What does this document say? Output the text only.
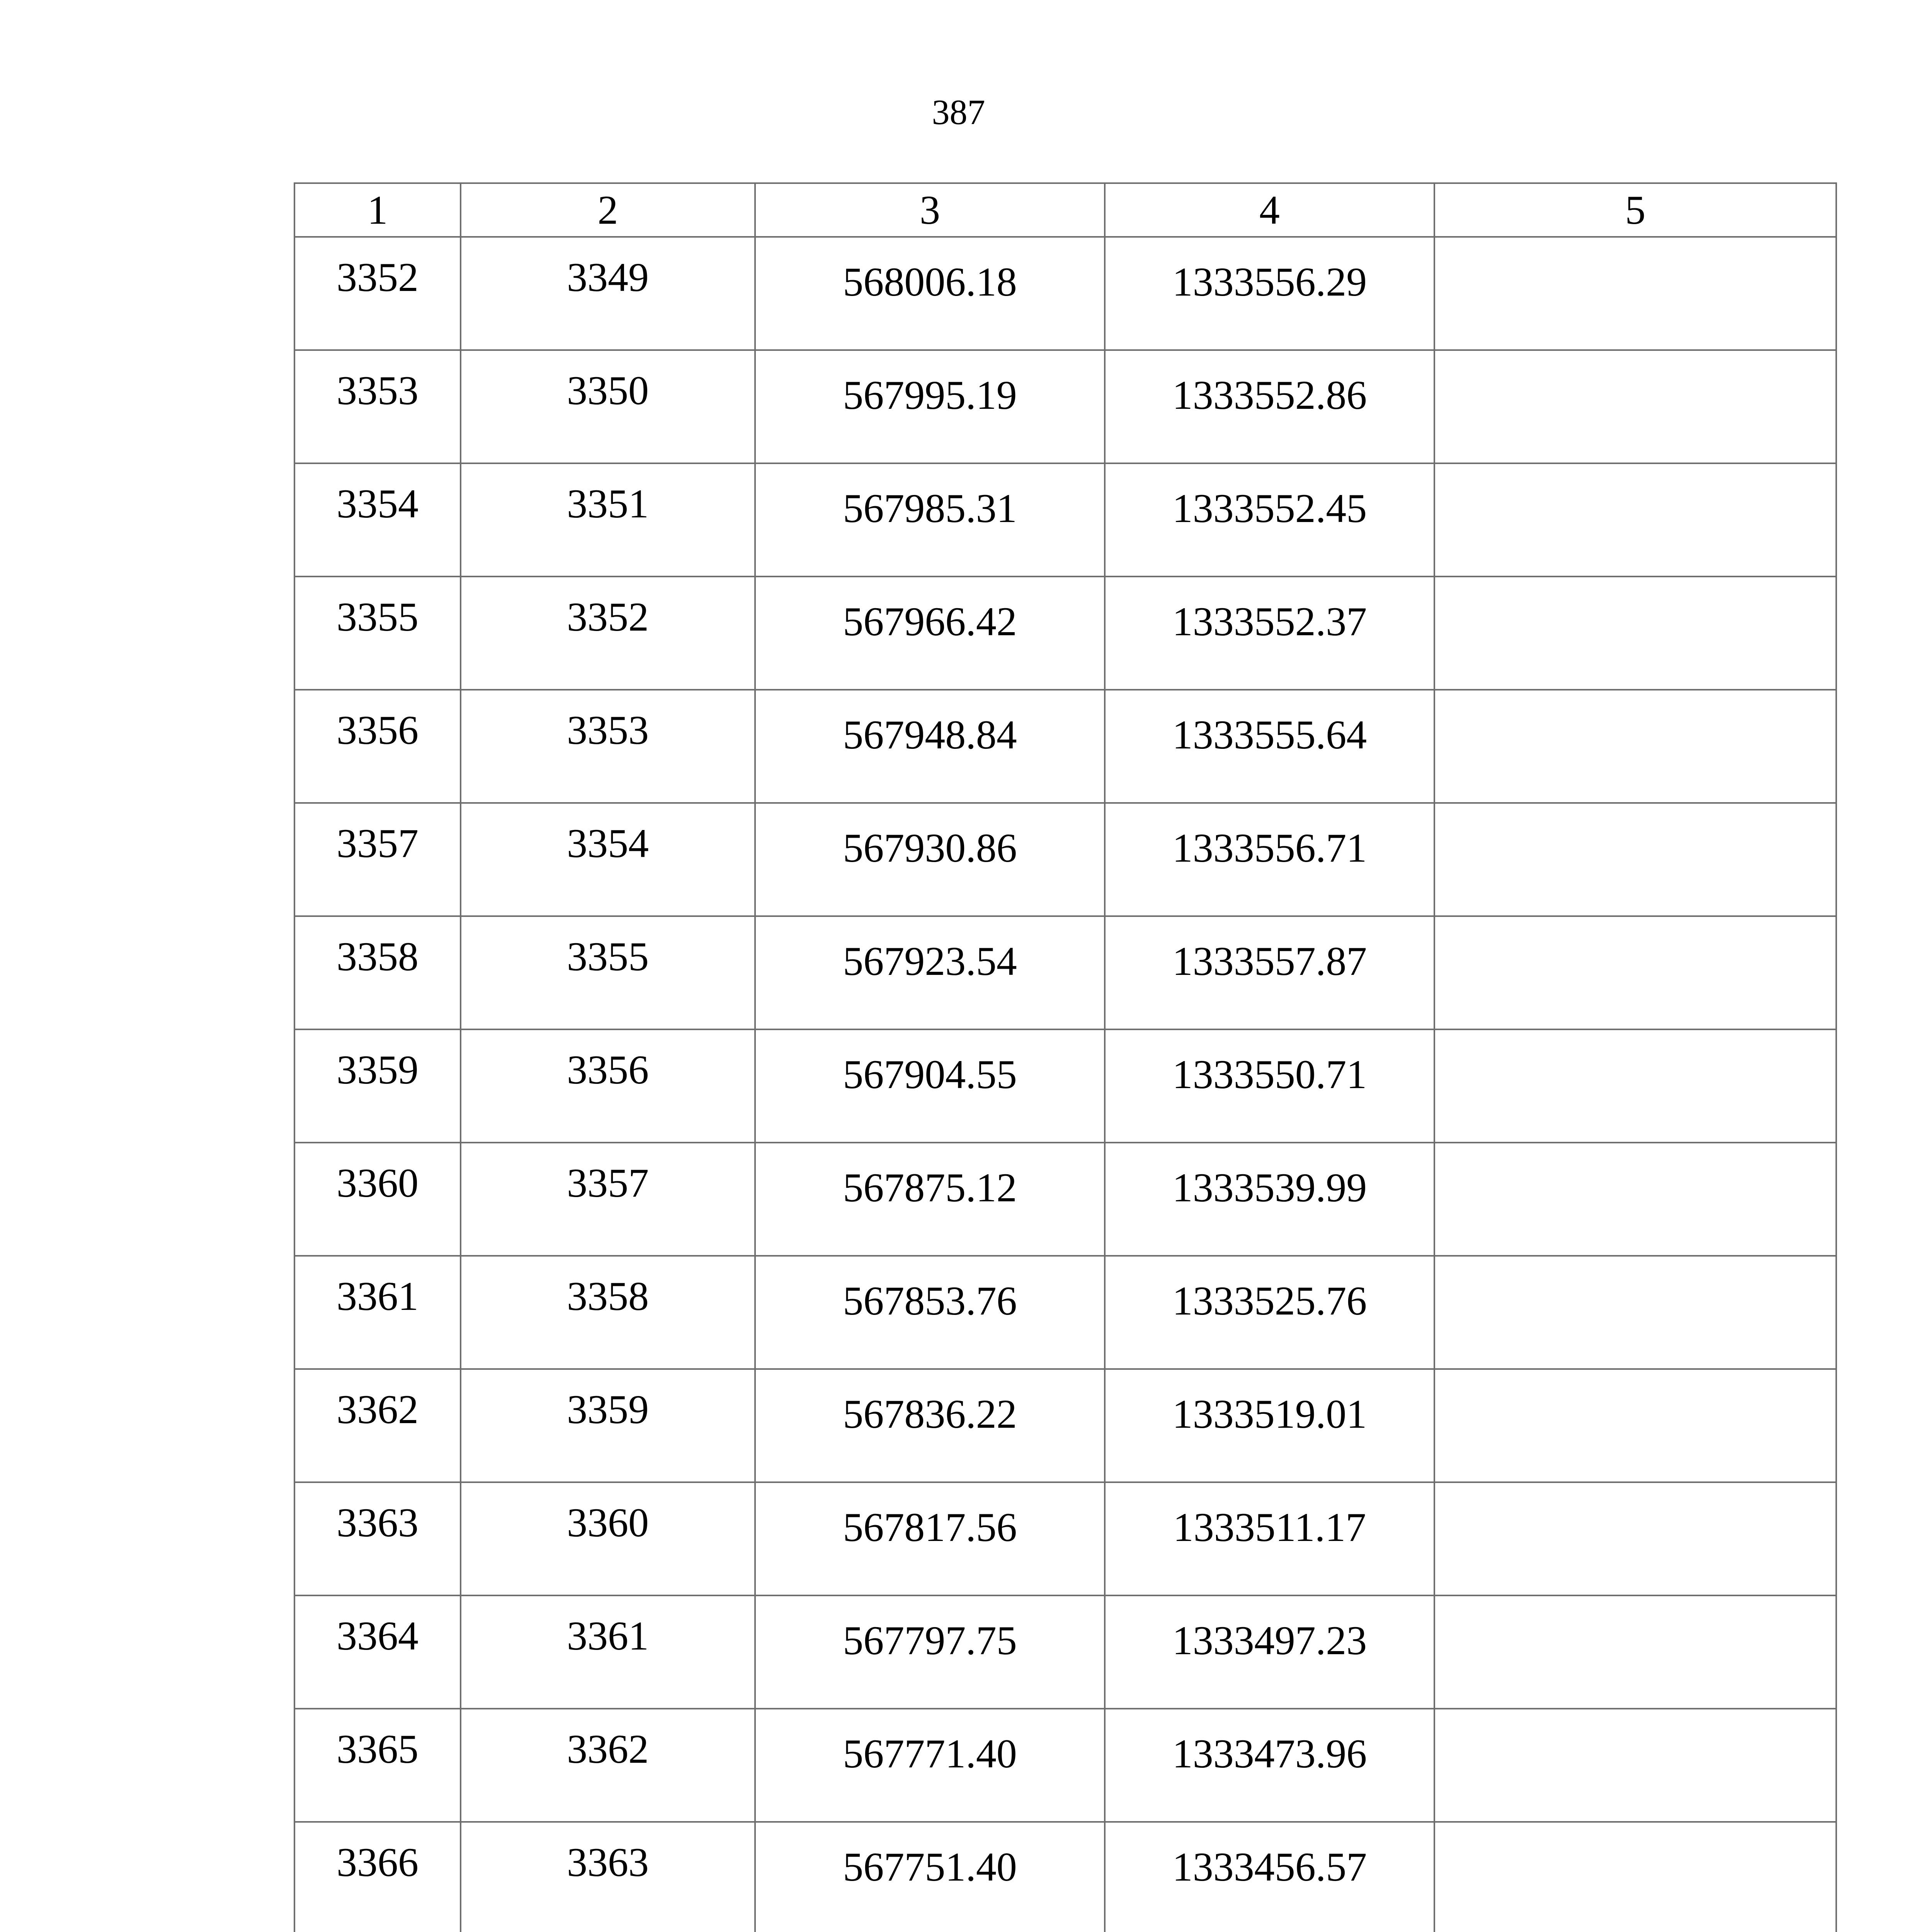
387
1	2	3	4	5
3352	3349	568006.18	1333556.29	
3353	3350	567995.19	1333552.86	
3354	3351	567985.31	1333552.45	
3355	3352	567966.42	1333552.37	
3356	3353	567948.84	1333555.64	
3357	3354	567930.86	1333556.71	
3358	3355	567923.54	1333557.87	
3359	3356	567904.55	1333550.71	
3360	3357	567875.12	1333539.99	
3361	3358	567853.76	1333525.76	
3362	3359	567836.22	1333519.01	
3363	3360	567817.56	1333511.17	
3364	3361	567797.75	1333497.23	
3365	3362	567771.40	1333473.96	
3366	3363	567751.40	1333456.57	
